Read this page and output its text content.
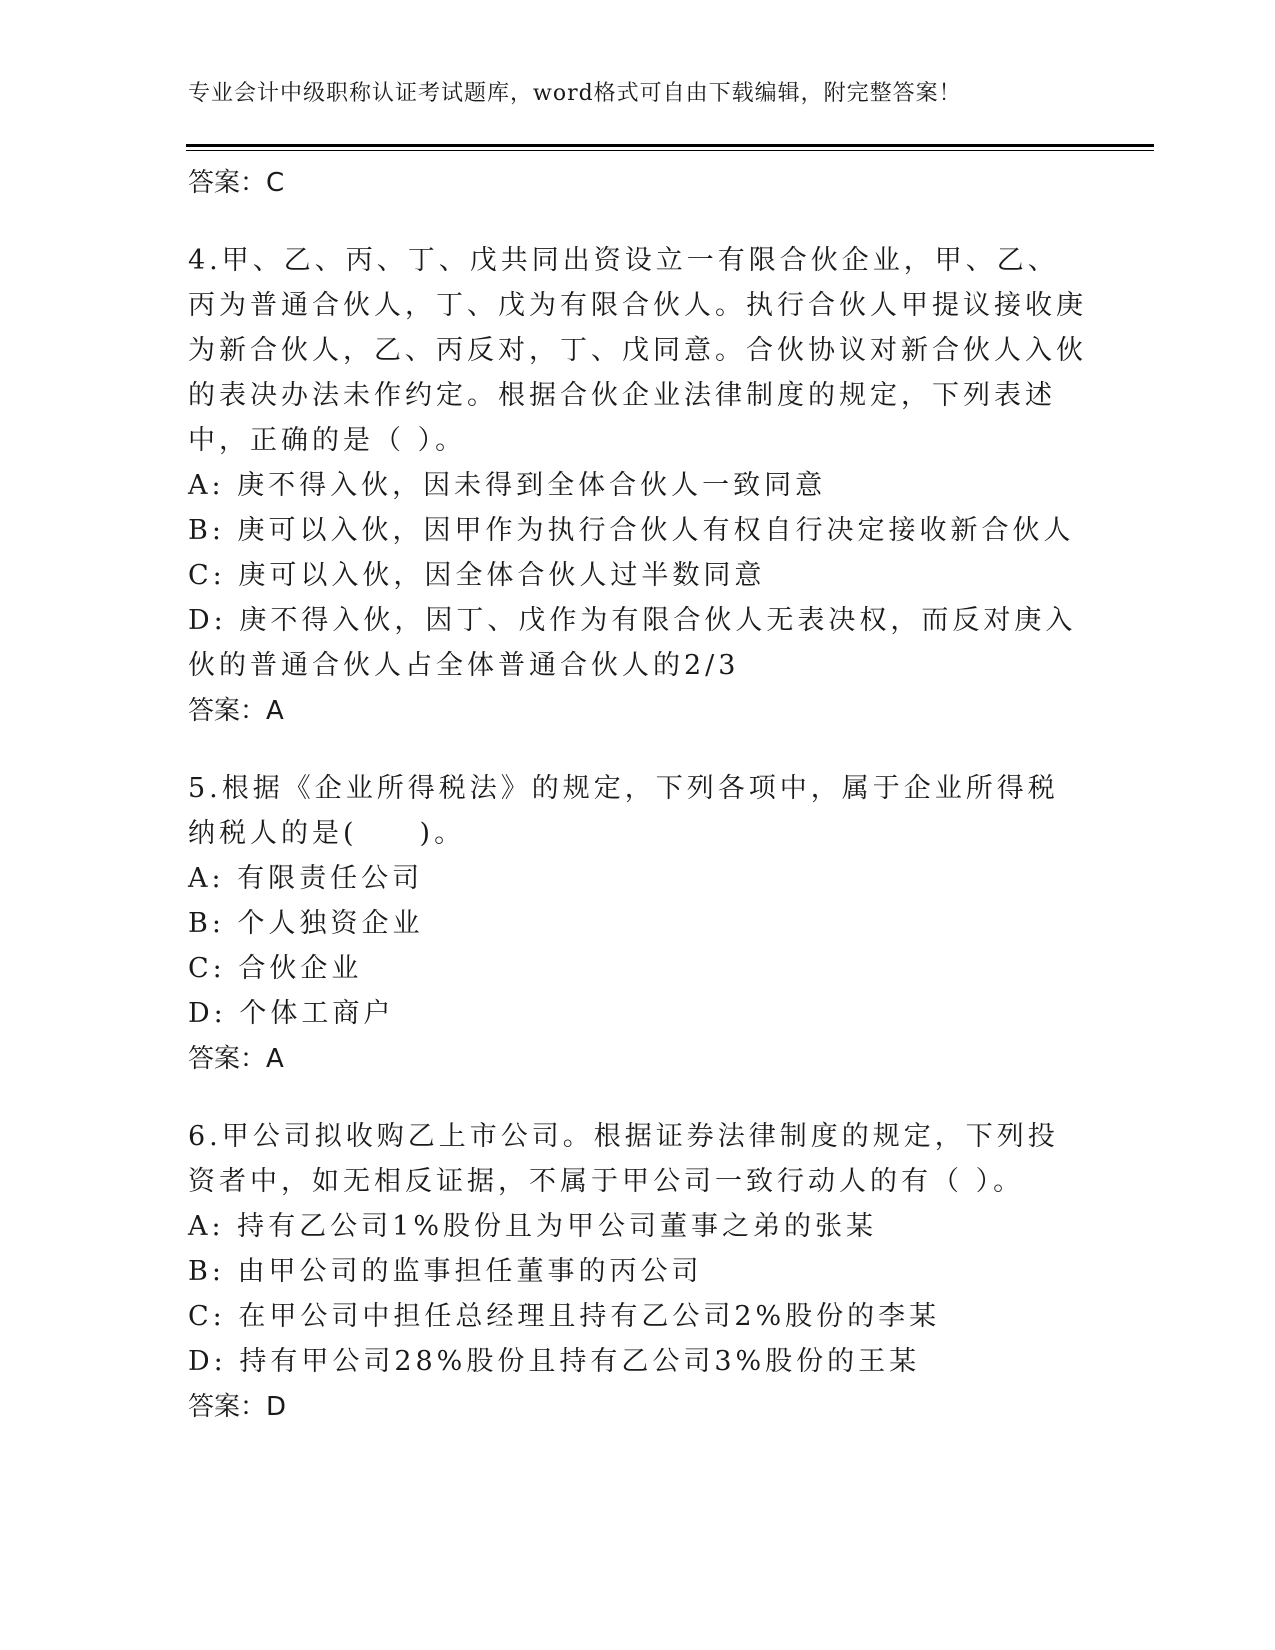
专业会计中级职称认证考试题库，word格式可自由下载编辑，附完整答案！
答案：C
4.甲、乙、丙、丁、戊共同出资设立一有限合伙企业，甲、乙、丙为普通合伙人，丁、戊为有限合伙人。执行合伙人甲提议接收庚为新合伙人，乙、丙反对，丁、戊同意。合伙协议对新合伙人入伙的表决办法未作约定。根据合伙企业法律制度的规定，下列表述中，正确的是（ ）。
A: 庚不得入伙，因未得到全体合伙人一致同意
B: 庚可以入伙，因甲作为执行合伙人有权自行决定接收新合伙人
C: 庚可以入伙，因全体合伙人过半数同意
D: 庚不得入伙，因丁、戊作为有限合伙人无表决权，而反对庚入伙的普通合伙人占全体普通合伙人的2/3
答案：A
5.根据《企业所得税法》的规定，下列各项中，属于企业所得税纳税人的是(　　)。
A: 有限责任公司
B: 个人独资企业
C: 合伙企业
D: 个体工商户
答案：A
6.甲公司拟收购乙上市公司。根据证券法律制度的规定，下列投资者中，如无相反证据，不属于甲公司一致行动人的有（ ）。
A: 持有乙公司1%股份且为甲公司董事之弟的张某
B: 由甲公司的监事担任董事的丙公司
C: 在甲公司中担任总经理且持有乙公司2%股份的李某
D: 持有甲公司28%股份且持有乙公司3%股份的王某
答案：D
